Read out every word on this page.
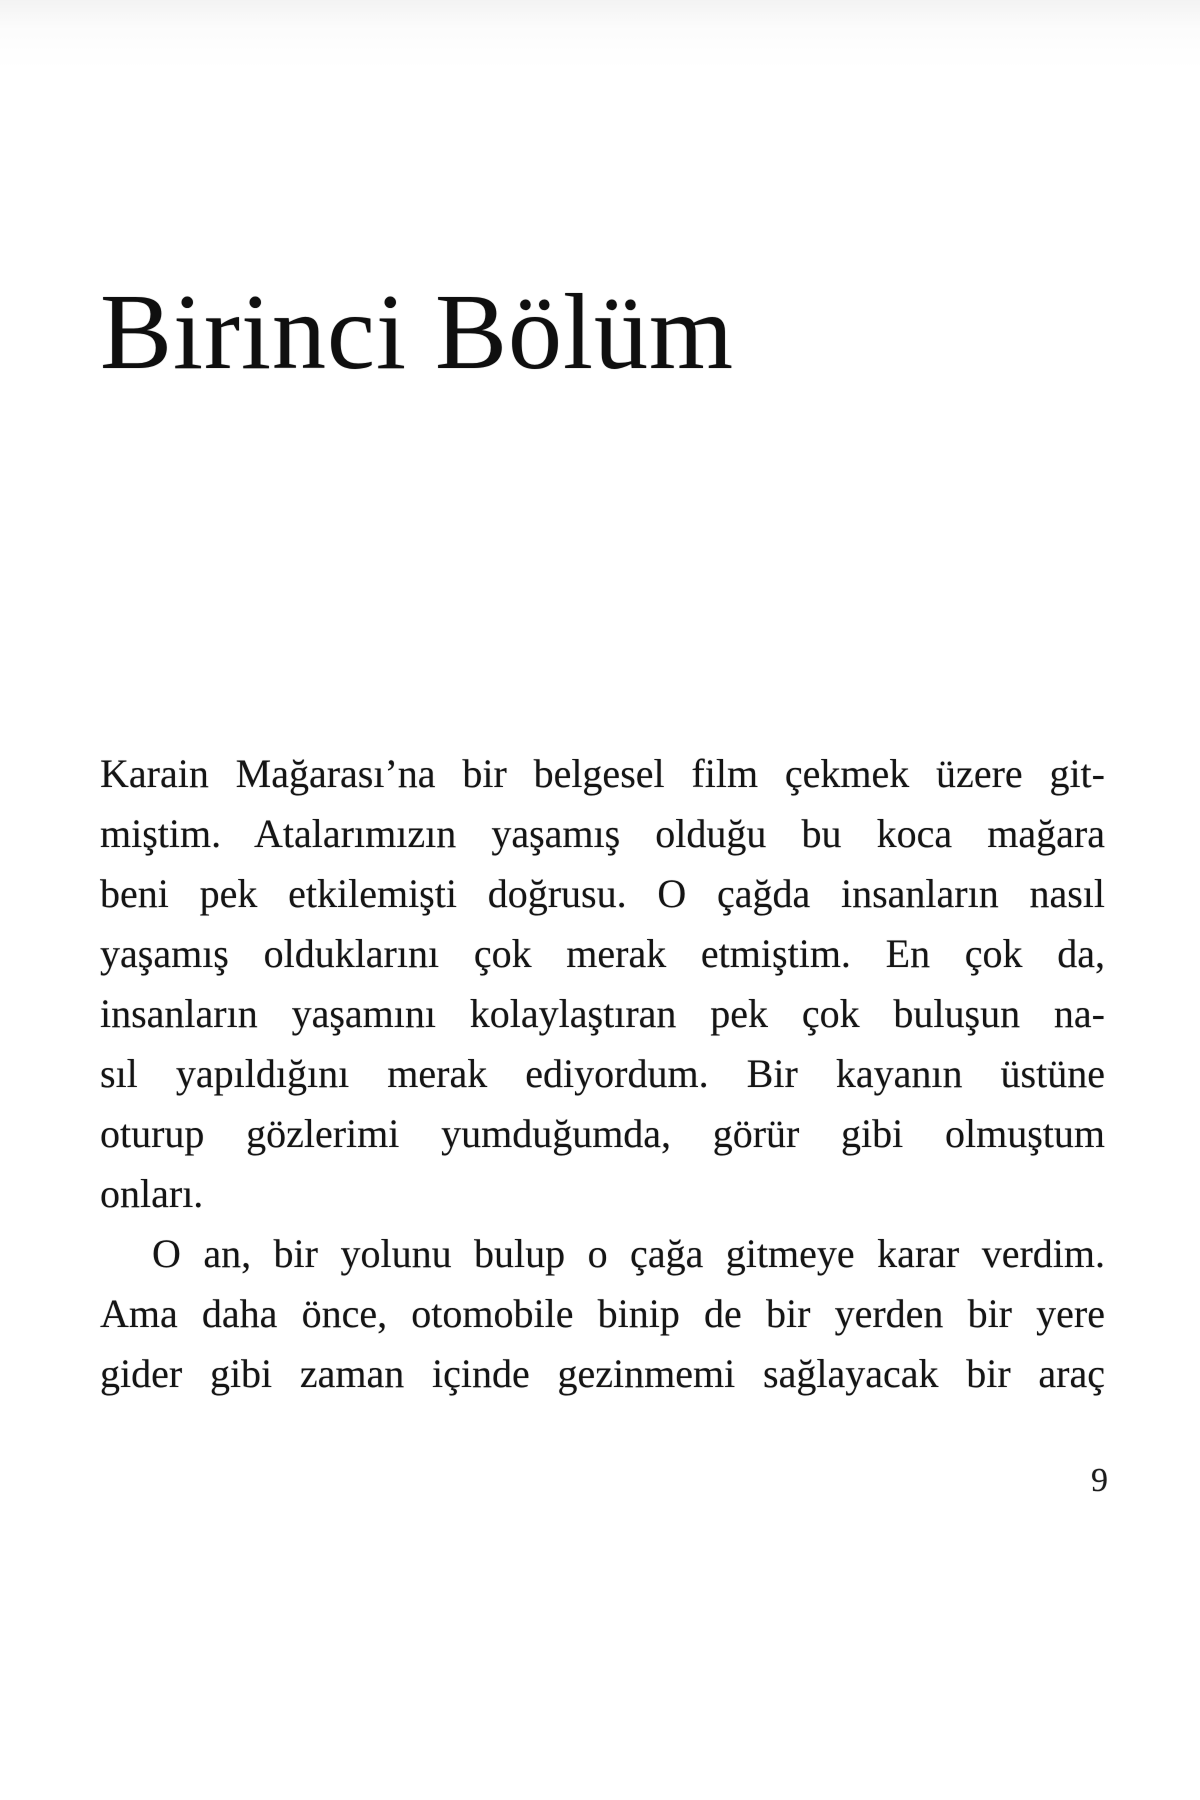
Birinci Bölüm
Karain Mağarası’na bir belgesel film çekmek üzere git-
miştim. Atalarımızın yaşamış olduğu bu koca mağara
beni pek etkilemişti doğrusu. O çağda insanların nasıl
yaşamış olduklarını çok merak etmiştim. En çok da,
insanların yaşamını kolaylaştıran pek çok buluşun na-
sıl yapıldığını merak ediyordum. Bir kayanın üstüne
oturup gözlerimi yumduğumda, görür gibi olmuştum
onları.
O an, bir yolunu bulup o çağa gitmeye karar verdim.
Ama daha önce, otomobile binip de bir yerden bir yere
gider gibi zaman içinde gezinmemi sağlayacak bir araç
9
